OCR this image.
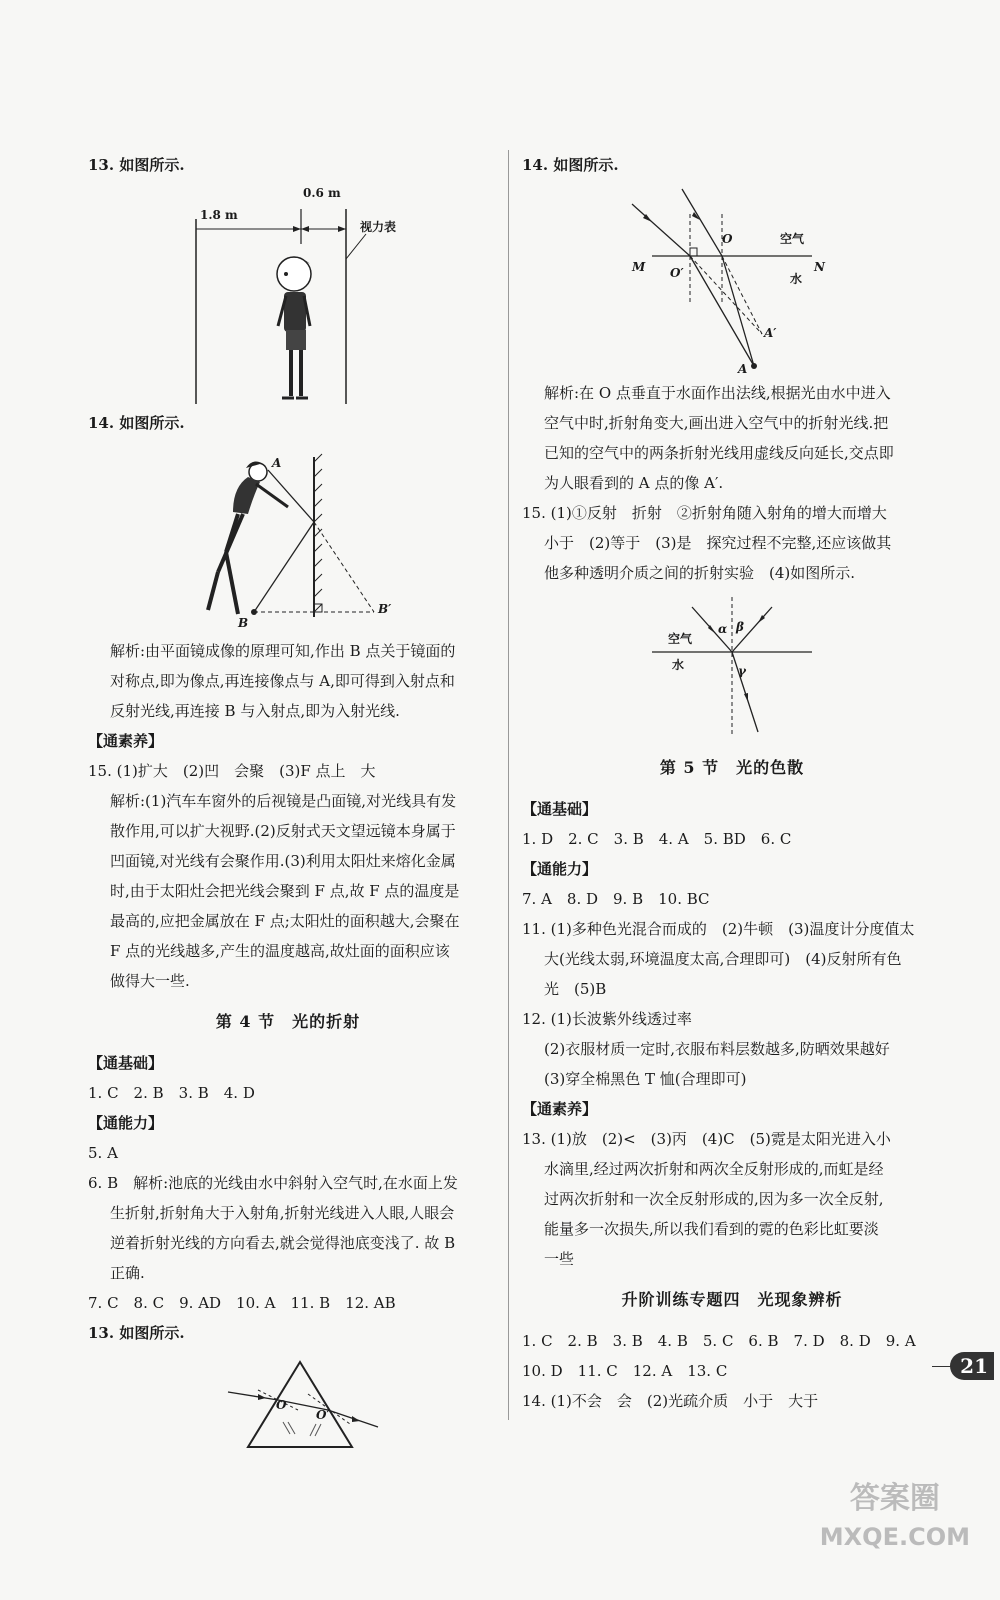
13. 如图所示.
1.8 m
0.6 m
视力表
14. 如图所示.
A
B
B′
解析:由平面镜成像的原理可知,作出 B 点关于镜面的
对称点,即为像点,再连接像点与 A,即可得到入射点和
反射光线,再连接 B 与入射点,即为入射光线.
【通素养】
15. (1)扩大　(2)凹　会聚　(3)F 点上　大
解析:(1)汽车车窗外的后视镜是凸面镜,对光线具有发
散作用,可以扩大视野.(2)反射式天文望远镜本身属于
凹面镜,对光线有会聚作用.(3)利用太阳灶来熔化金属
时,由于太阳灶会把光线会聚到 F 点,故 F 点的温度是
最高的,应把金属放在 F 点;太阳灶的面积越大,会聚在
F 点的光线越多,产生的温度越高,故灶面的面积应该
做得大一些.
第 4 节　光的折射
【通基础】
1. C　2. B　3. B　4. D
【通能力】
5. A
6. B　解析:池底的光线由水中斜射入空气时,在水面上发
生折射,折射角大于入射角,折射光线进入人眼,人眼会
逆着折射光线的方向看去,就会觉得池底变浅了. 故 B
正确.
7. C　8. C　9. AD　10. A　11. B　12. AB
13. 如图所示.
O
O′
14. 如图所示.
M	N
O
O′
空气
水
A
A′
解析:在 O 点垂直于水面作出法线,根据光由水中进入
空气中时,折射角变大,画出进入空气中的折射光线.把
已知的空气中的两条折射光线用虚线反向延长,交点即
为人眼看到的 A 点的像 A′.
15. (1)①反射　折射　②折射角随入射角的增大而增大
小于　(2)等于　(3)是　探究过程不完整,还应该做其
他多种透明介质之间的折射实验　(4)如图所示.
空气
水
α β
γ
第 5 节　光的色散
【通基础】
1. D　2. C　3. B　4. A　5. BD　6. C
【通能力】
7. A　8. D　9. B　10. BC
11. (1)多种色光混合而成的　(2)牛顿　(3)温度计分度值太
大(光线太弱,环境温度太高,合理即可)　(4)反射所有色
光　(5)B
12. (1)长波紫外线透过率
(2)衣服材质一定时,衣服布料层数越多,防晒效果越好
(3)穿全棉黑色 T 恤(合理即可)
【通素养】
13. (1)放　(2)<　(3)丙　(4)C　(5)霓是太阳光进入小
水滴里,经过两次折射和两次全反射形成的,而虹是经
过两次折射和一次全反射形成的,因为多一次全反射,
能量多一次损失,所以我们看到的霓的色彩比虹要淡
一些
升阶训练专题四　光现象辨析
1. C　2. B　3. B　4. B　5. C　6. B　7. D　8. D　9. A
10. D　11. C　12. A　13. C
14. (1)不会　会　(2)光疏介质　小于　大于
21
答案圈
MXQE.COM
